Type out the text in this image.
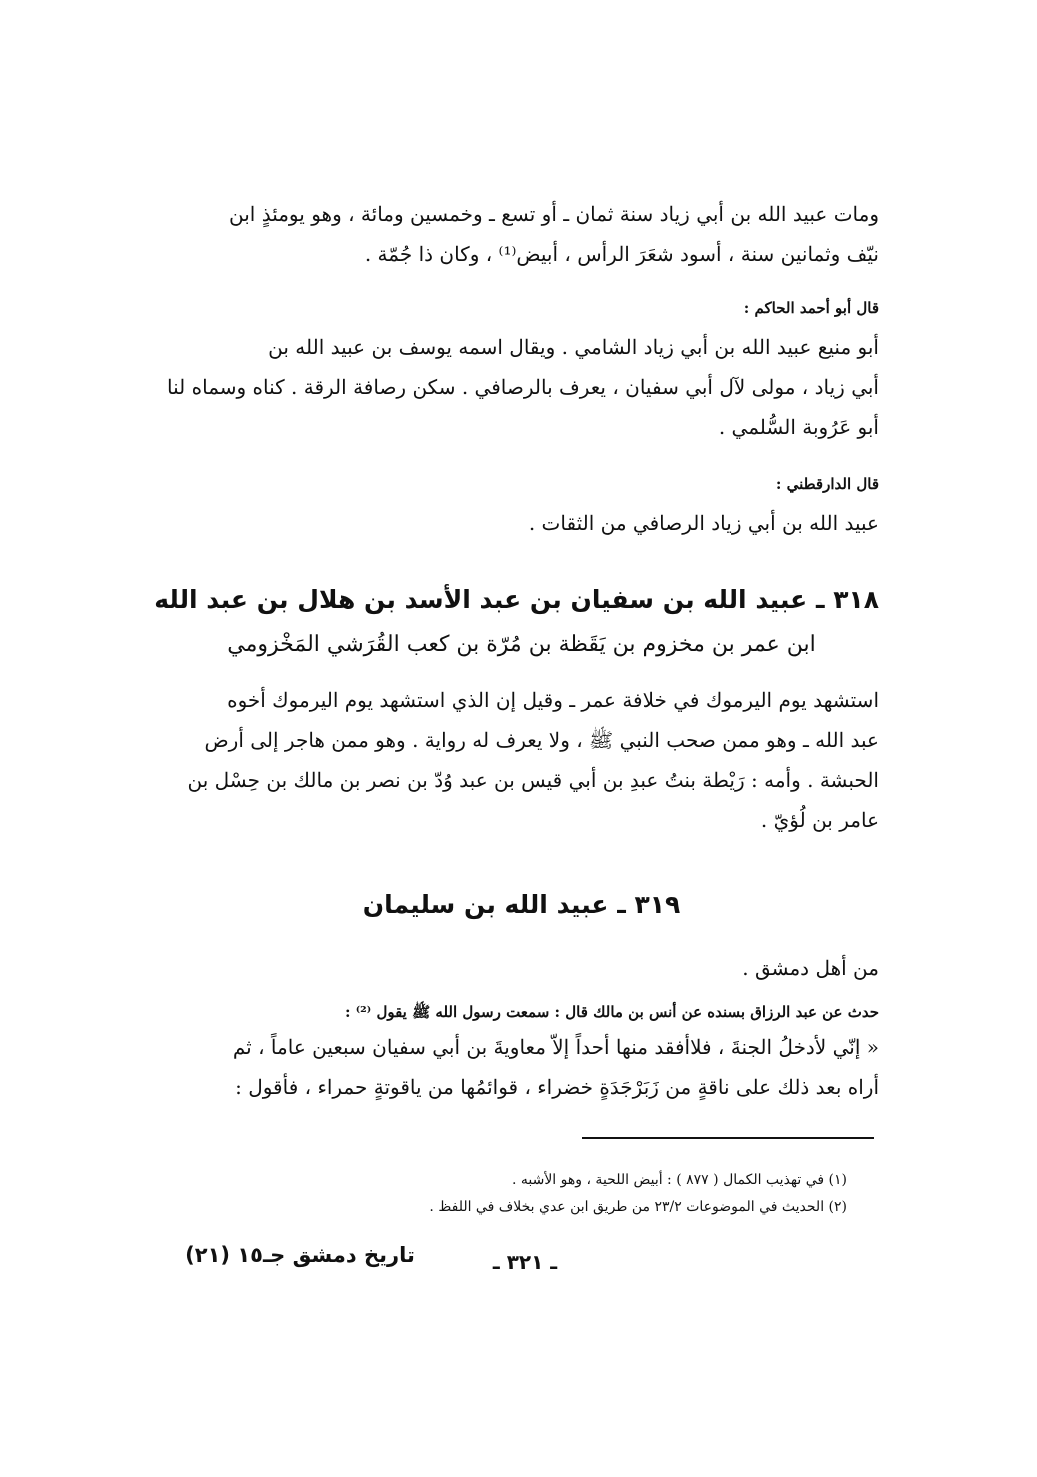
ومات عبيد الله بن أبي زياد سنة ثمان ـ أو تسع ـ وخمسين ومائة ، وهو يومئذٍ ابن
نيّف وثمانين سنة ، أسود شعَرَ الرأس ، أبيض⁽¹⁾ ، وكان ذا جُمّة .
قال أبو أحمد الحاكم :
أبو منيع عبيد الله بن أبي زياد الشامي . ويقال اسمه يوسف بن عبيد الله بن
أبي زياد ، مولى لآل أبي سفيان ، يعرف بالرصافي . سكن رصافة الرقة . كناه وسماه لنا
أبو عَرُوبة السُّلمي .
قال الدارقطني :
عبيد الله بن أبي زياد الرصافي من الثقات .
٣١٨ ـ عبيد الله بن سفيان بن عبد الأسد بن هلال بن عبد الله
ابن عمر بن مخزوم بن يَقَظة بن مُرّة بن كعب القُرَشي المَخْزومي
استشهد يوم اليرموك في خلافة عمر ـ وقيل إن الذي استشهد يوم اليرموك أخوه
عبد الله ـ وهو ممن صحب النبي ﷺ ، ولا يعرف له رواية . وهو ممن هاجر إلى أرض
الحبشة . وأمه : رَيْطة بنتُ عبدِ بن أبي قيس بن عبد وُدّ بن نصر بن مالك بن حِسْل بن
عامر بن لُؤيّ .
٣١٩ ـ عبيد الله بن سليمان
من أهل دمشق .
حدث عن عبد الرزاق بسنده عن أنس بن مالك قال : سمعت رسول الله ﷺ يقول ⁽²⁾ :
« إنّي لأدخلُ الجنةَ ، فلاأفقد منها أحداً إلاّ معاويةَ بن أبي سفيان سبعين عاماً ، ثم
أراه بعد ذلك على ناقةٍ من زَبَرْجَدَةٍ خضراء ، قوائمُها من ياقوتةٍ حمراء ، فأقول :
(١) في تهذيب الكمال ( ٨٧٧ ) : أبيض اللحية ، وهو الأشبه .
(٢) الحديث في الموضوعات ٢٣/٢ من طريق ابن عدي بخلاف في اللفظ .
تاريخ دمشق جـ١٥ (٢١)	ـ ٣٢١ ـ
